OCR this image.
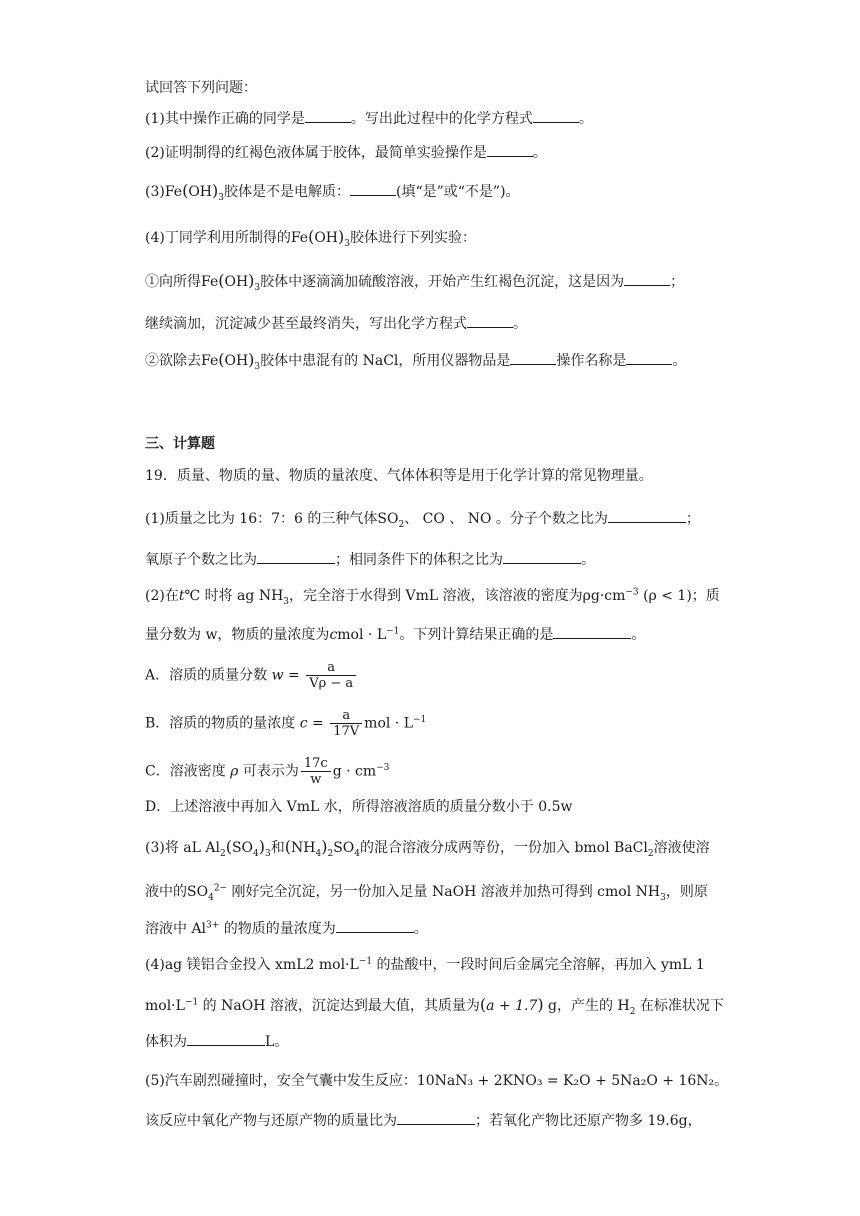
试回答下列问题：
(1)其中操作正确的同学是	。写出此过程中的化学方程式	。
(2)证明制得的红褐色液体属于胶体，最简单实验操作是	。
$(3)Fe(OH)_3$胶体是不是电解质：	(填“是”或“不是”)。
(4)丁同学利用所制得的$Fe(OH)_3$胶体进行下列实验：
①向所得$Fe(OH)_3$胶体中逐滴滴加硫酸溶液，开始产生红褐色沉淀，这是因为	；
继续滴加，沉淀减少甚至最终消失，写出化学方程式	。
②欲除去$Fe(OH)_3$胶体中患混有的 NaCl，所用仪器物品是	操作名称是	。
三、计算题
19．质量、物质的量、物质的量浓度、气体体积等是用于化学计算的常见物理量。
(1)质量之比为 16：7：6 的三种气体$SO_2$、 CO 、 NO 。分子个数之比为	；
氧原子个数之比为	；相同条件下的体积之比为	。
(2)在t℃ 时将 ag $NH_3$，完全溶于水得到 VmL 溶液，该溶液的密度为$\rho g\cdot cm^{-3}$ (ρ < 1)；质
量分数为 w，物质的量浓度为cmol · $L^{-1}$。下列计算结果正确的是	。
A．溶质的质量分数 $w = \frac{a}{V\rho - a}$
B．溶质的物质的量浓度 $c = \frac{a}{17V}$ mol · $L^{-1}$
C．溶液密度 ρ 可表示为 $\frac{17c}{w}$ $g \cdot cm^{-3}$
D．上述溶液中再加入 VmL 水，所得溶液溶质的质量分数小于 0.5w
(3)将 aL $Al_2(SO_4)_3$和$(NH_4)_2SO_4$的混合溶液分成两等份，一份加入 bmol BaCl$_2$溶液使溶
液中的$SO_4^{2-}$ 刚好完全沉淀，另一份加入足量 NaOH 溶液并加热可得到 cmol $NH_3$，则原
溶液中 $Al^{3+}$ 的物质的量浓度为	。
(4)ag 镁铝合金投入 xmL2 $mol\cdot L^{-1}$ 的盐酸中，一段时间后金属完全溶解，再加入 ymL 1
$mol\cdot L^{-1}$ 的 NaOH 溶液，沉淀达到最大值，其质量为(a + 1.7) g，产生的 $H_2$ 在标准状况下
体积为	L。
(5)汽车剧烈碰撞时，安全气囊中发生反应：10NaN₃ + 2KNO₃ = K₂O + 5Na₂O + 16N₂。
该反应中氧化产物与还原产物的质量比为	；若氧化产物比还原产物多 19.6g，
